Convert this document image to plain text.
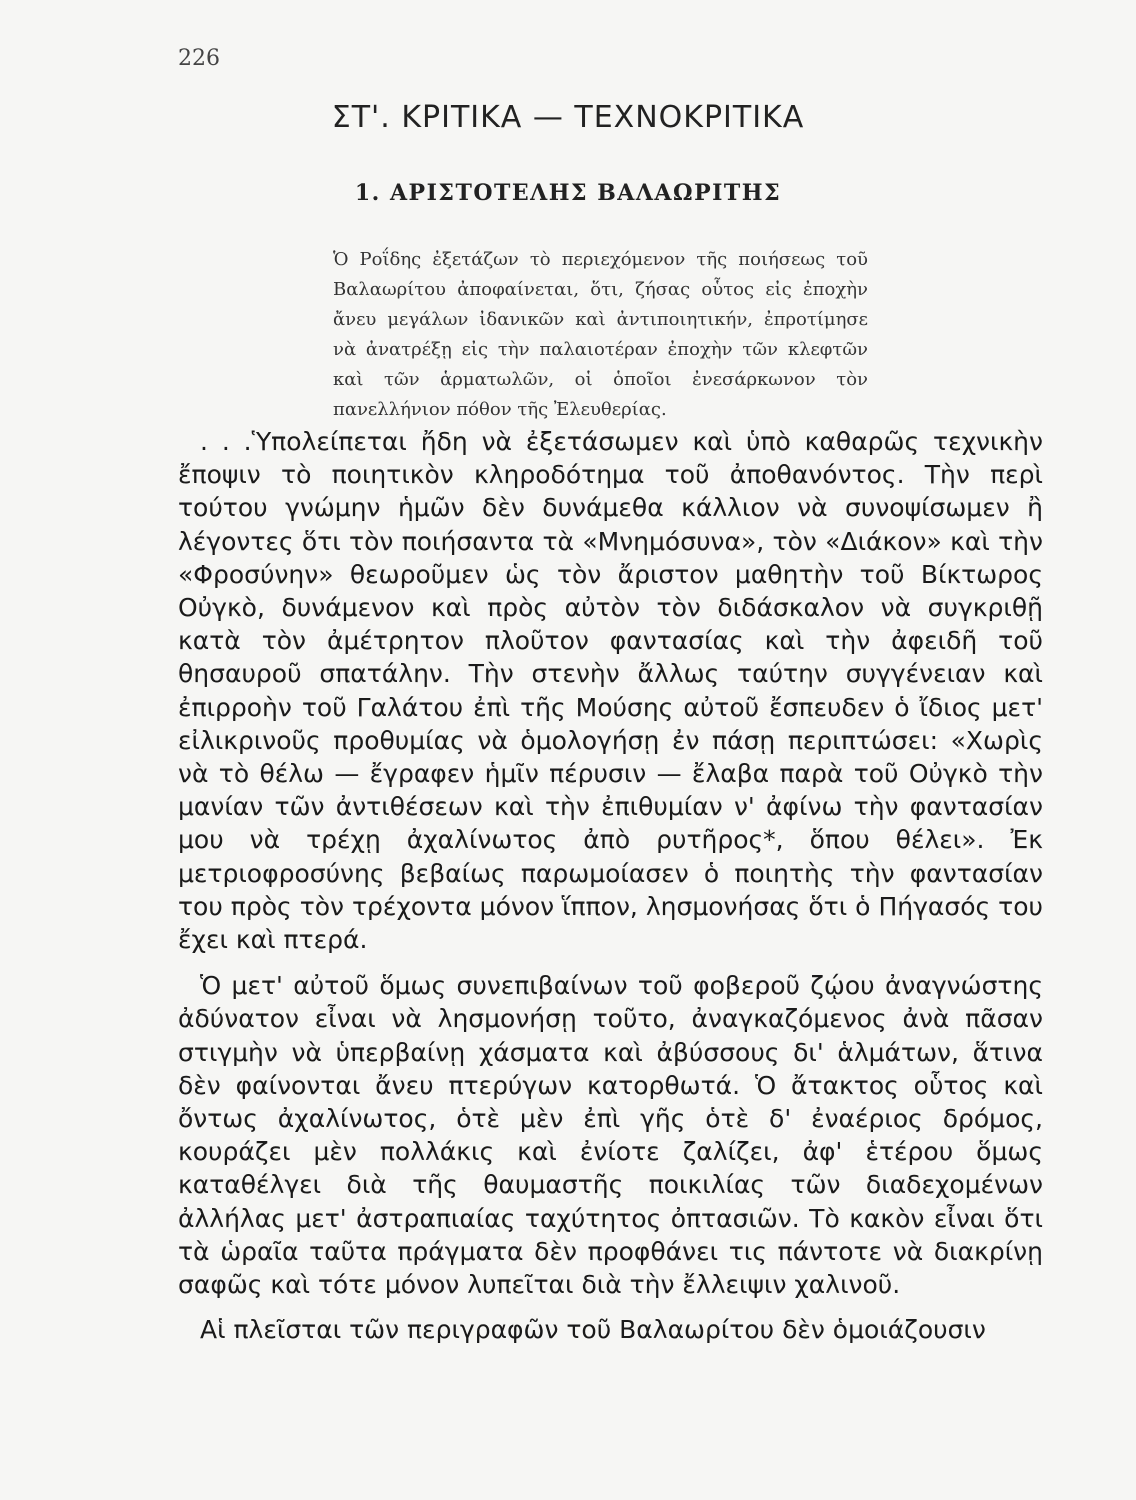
226
ΣΤ'. ΚΡΙΤΙΚΑ — ΤΕΧΝΟΚΡΙΤΙΚΑ
1. ΑΡΙΣΤΟΤΕΛΗΣ ΒΑΛΑΩΡΙΤΗΣ

Ὁ Ροΐδης ἐξετάζων τὸ περιεχόμενον τῆς ποιήσεως τοῦ Βαλαωρίτου ἀποφαίνεται, ὅτι, ζήσας οὗτος εἰς ἐποχὴν ἄνευ μεγάλων ἰδανικῶν καὶ ἀντιποιητικήν, ἐπροτίμησε νὰ ἀνατρέξῃ εἰς τὴν παλαιοτέραν ἐποχὴν τῶν κλεφτῶν καὶ τῶν ἁρματωλῶν, οἱ ὁποῖοι ἐνεσάρκωνον τὸν πανελλήνιον πόθον τῆς Ἐλευθερίας.

. . .Ὑπολείπεται ἤδη νὰ ἐξετάσωμεν καὶ ὑπὸ καθαρῶς τεχνικὴν ἔποψιν τὸ ποιητικὸν κληροδότημα τοῦ ἀποθανόντος. Τὴν περὶ τούτου γνώμην ἡμῶν δὲν δυνάμεθα κάλλιον νὰ συνοψίσωμεν ἢ λέγοντες ὅτι τὸν ποιήσαντα τὰ «Μνημόσυνα», τὸν «Διάκον» καὶ τὴν «Φροσύνην» θεωροῦμεν ὡς τὸν ἄριστον μαθητὴν τοῦ Βίκτωρος Οὐγκὸ, δυνάμενον καὶ πρὸς αὐτὸν τὸν διδάσκαλον νὰ συγκριθῇ κατὰ τὸν ἀμέτρητον πλοῦτον φαντασίας καὶ τὴν ἀφειδῆ τοῦ θησαυροῦ σπατάλην. Τὴν στενὴν ἄλλως ταύτην συγγένειαν καὶ ἐπιρροὴν τοῦ Γαλάτου ἐπὶ τῆς Μούσης αὐτοῦ ἔσπευδεν ὁ ἴδιος μετ' εἰλικρινοῦς προθυμίας νὰ ὁμολογήσῃ ἐν πάσῃ περιπτώσει: «Χωρὶς νὰ τὸ θέλω — ἔγραφεν ἡμῖν πέρυσιν — ἔλαβα παρὰ τοῦ Οὐγκὸ τὴν μανίαν τῶν ἀντιθέσεων καὶ τὴν ἐπιθυμίαν ν' ἀφίνω τὴν φαντασίαν μου νὰ τρέχῃ ἀχαλίνωτος ἀπὸ ρυτῆρος*, ὅπου θέλει». Ἐκ μετριοφροσύνης βεβαίως παρωμοίασεν ὁ ποιητὴς τὴν φαντασίαν του πρὸς τὸν τρέχοντα μόνον ἵππον, λησμονήσας ὅτι ὁ Πήγασός του ἔχει καὶ πτερά.

Ὁ μετ' αὐτοῦ ὅμως συνεπιβαίνων τοῦ φοβεροῦ ζῴου ἀναγνώστης ἀδύνατον εἶναι νὰ λησμονήσῃ τοῦτο, ἀναγκαζόμενος ἀνὰ πᾶσαν στιγμὴν νὰ ὑπερβαίνῃ χάσματα καὶ ἀβύσσους δι' ἁλμάτων, ἅτινα δὲν φαίνονται ἄνευ πτερύγων κατορθωτά. Ὁ ἄτακτος οὗτος καὶ ὄντως ἀχαλίνωτος, ὁτὲ μὲν ἐπὶ γῆς ὁτὲ δ' ἐναέριος δρόμος, κουράζει μὲν πολλάκις καὶ ἐνίοτε ζαλίζει, ἀφ' ἑτέρου ὅμως καταθέλγει διὰ τῆς θαυμαστῆς ποικιλίας τῶν διαδεχομένων ἀλλήλας μετ' ἀστραπιαίας ταχύτητος ὀπτασιῶν. Τὸ κακὸν εἶναι ὅτι τὰ ὡραῖα ταῦτα πράγματα δὲν προφθάνει τις πάντοτε νὰ διακρίνῃ σαφῶς καὶ τότε μόνον λυπεῖται διὰ τὴν ἔλλειψιν χαλινοῦ.

Αἱ πλεῖσται τῶν περιγραφῶν τοῦ Βαλαωρίτου δὲν ὁμοιάζουσιν
